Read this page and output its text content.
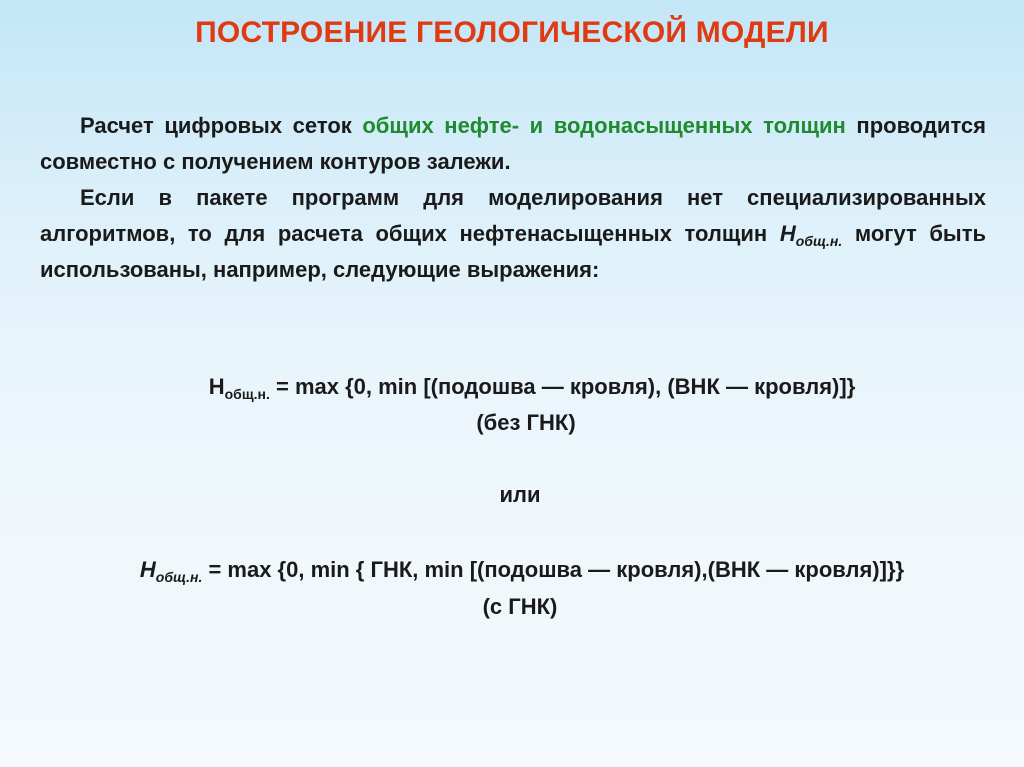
ПОСТРОЕНИЕ ГЕОЛОГИЧЕСКОЙ МОДЕЛИ
Расчет цифровых сеток общих нефте- и водонасыщенных толщин проводится совместно с получением контуров залежи.
Если в пакете программ для моделирования нет специализированных алгоритмов, то для расчета общих нефтенасыщенных толщин $H_{общ.н.}$ могут быть использованы, например, следующие выражения:
$H_{общ.н.} = \max \{0$, min [(подошва — кровля), (ВНК — кровля)]}
(без ГНК)
или
$H_{общ.н.} = \max \{0$, min { ГНК, min [(подошва — кровля),(ВНК — кровля)]}}
(с ГНК)
